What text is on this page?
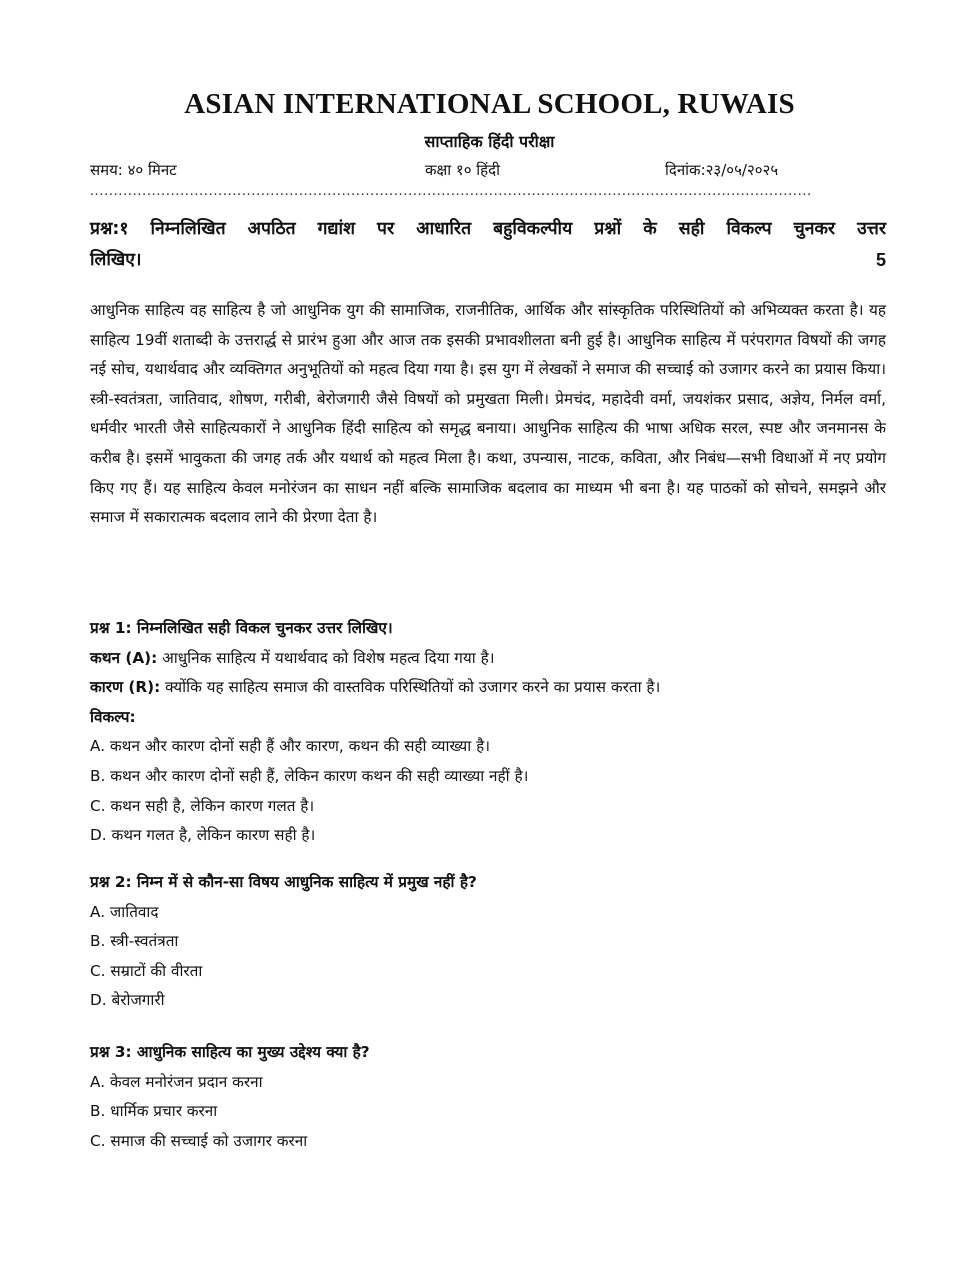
ASIAN INTERNATIONAL SCHOOL, RUWAIS
साप्ताहिक हिंदी परीक्षा
समय: ४० मिनट	कक्षा १० हिंदी	दिनांक:२३/०५/२०२५
........................................................................................................................................................
प्रश्न:१ निम्नलिखित अपठित गद्यांश पर आधारित बहुविकल्पीय प्रश्नों के सही विकल्प चुनकर उत्तर
लिखिए।	5
आधुनिक साहित्य वह साहित्य है जो आधुनिक युग की सामाजिक, राजनीतिक, आर्थिक और सांस्कृतिक परिस्थितियों को अभिव्यक्त करता है। यह साहित्य 19वीं शताब्दी के उत्तरार्द्ध से प्रारंभ हुआ और आज तक इसकी प्रभावशीलता बनी हुई है। आधुनिक साहित्य में परंपरागत विषयों की जगह नई सोच, यथार्थवाद और व्यक्तिगत अनुभूतियों को महत्व दिया गया है। इस युग में लेखकों ने समाज की सच्चाई को उजागर करने का प्रयास किया। स्त्री-स्वतंत्रता, जातिवाद, शोषण, गरीबी, बेरोजगारी जैसे विषयों को प्रमुखता मिली। प्रेमचंद, महादेवी वर्मा, जयशंकर प्रसाद, अज्ञेय, निर्मल वर्मा, धर्मवीर भारती जैसे साहित्यकारों ने आधुनिक हिंदी साहित्य को समृद्ध बनाया। आधुनिक साहित्य की भाषा अधिक सरल, स्पष्ट और जनमानस के करीब है। इसमें भावुकता की जगह तर्क और यथार्थ को महत्व मिला है। कथा, उपन्यास, नाटक, कविता, और निबंध—सभी विधाओं में नए प्रयोग किए गए हैं। यह साहित्य केवल मनोरंजन का साधन नहीं बल्कि सामाजिक बदलाव का माध्यम भी बना है। यह पाठकों को सोचने, समझने और समाज में सकारात्मक बदलाव लाने की प्रेरणा देता है।
प्रश्न 1: निम्नलिखित सही विकल चुनकर उत्तर लिखिए।
कथन (A): आधुनिक साहित्य में यथार्थवाद को विशेष महत्व दिया गया है।
कारण (R): क्योंकि यह साहित्य समाज की वास्तविक परिस्थितियों को उजागर करने का प्रयास करता है।
विकल्प:
A. कथन और कारण दोनों सही हैं और कारण, कथन की सही व्याख्या है।
B. कथन और कारण दोनों सही हैं, लेकिन कारण कथन की सही व्याख्या नहीं है।
C. कथन सही है, लेकिन कारण गलत है।
D. कथन गलत है, लेकिन कारण सही है।
प्रश्न 2: निम्न में से कौन-सा विषय आधुनिक साहित्य में प्रमुख नहीं है?
A. जातिवाद
B. स्त्री-स्वतंत्रता
C. सम्राटों की वीरता
D. बेरोजगारी
प्रश्न 3: आधुनिक साहित्य का मुख्य उद्देश्य क्या है?
A. केवल मनोरंजन प्रदान करना
B. धार्मिक प्रचार करना
C. समाज की सच्चाई को उजागर करना
